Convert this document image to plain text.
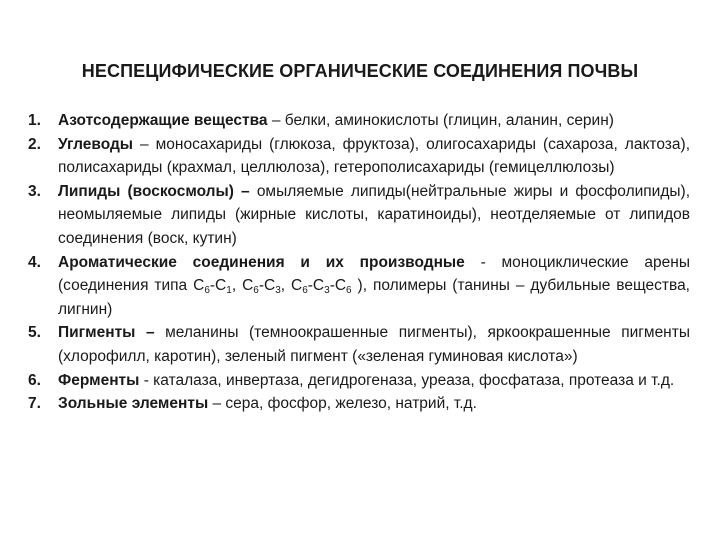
НЕСПЕЦИФИЧЕСКИЕ ОРГАНИЧЕСКИЕ СОЕДИНЕНИЯ ПОЧВЫ
1. Азотсодержащие вещества – белки, аминокислоты (глицин, аланин, серин)
2. Углеводы – моносахариды (глюкоза, фруктоза), олигосахариды (сахароза, лактоза), полисахариды (крахмал, целлюлоза), гетерополисахариды (гемицеллюлозы)
3. Липиды (воскосмолы) – омыляемые липиды(нейтральные жиры и фосфолипиды), неомыляемые липиды (жирные кислоты, каратиноиды), неотделяемые от липидов соединения (воск, кутин)
4. Ароматические соединения и их производные - моноциклические арены (соединения типа $C_6-C_1$, $C_6-C_3$, $C_6-C_3-C_6$ ), полимеры (танины – дубильные вещества, лигнин)
5. Пигменты – меланины (темноокрашенные пигменты), яркоокрашенные пигменты (хлорофилл, каротин), зеленый пигмент («зеленая гуминовая кислота»)
6. Ферменты - каталаза, инвертаза, дегидрогеназа, уреаза, фосфатаза, протеаза и т.д.
7. Зольные элементы – сера, фосфор, железо, натрий, т.д.
